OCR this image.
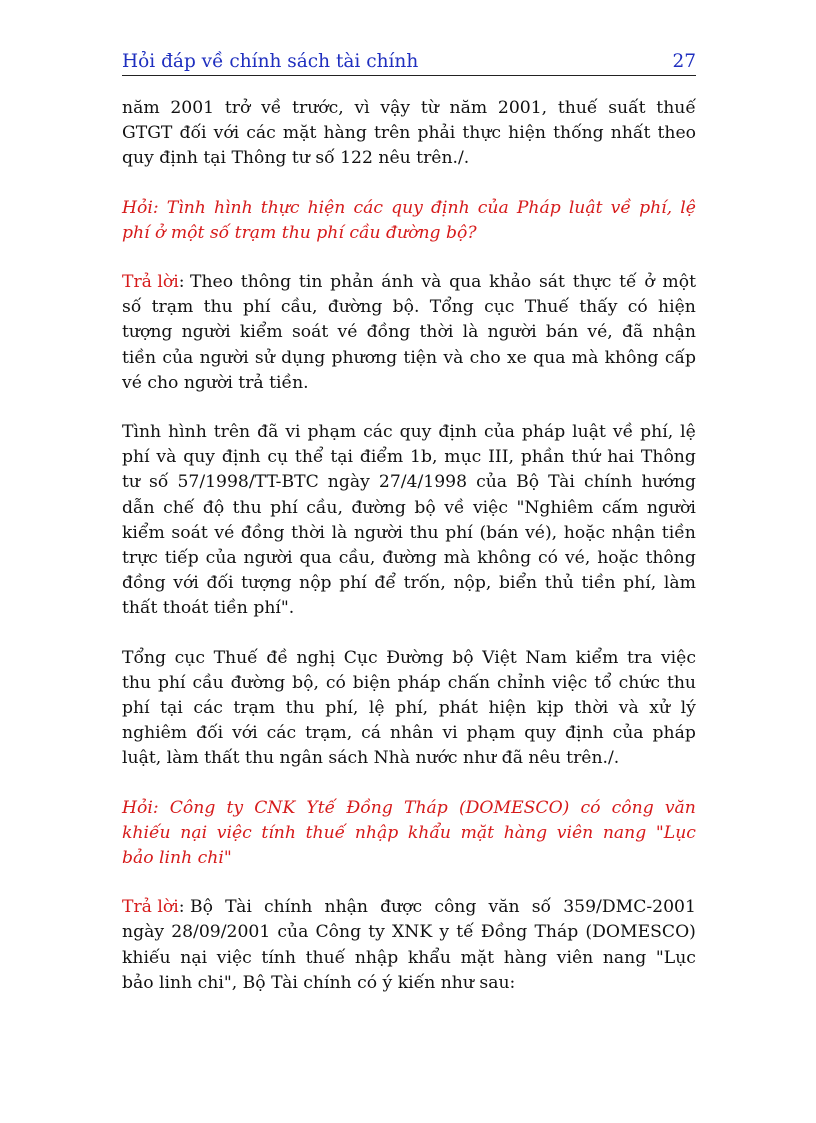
Hỏi đáp về chính sách tài chính	27
năm 2001 trở về trước, vì vậy từ năm 2001, thuế suất thuế
GTGT đối với các mặt hàng trên phải thực hiện thống nhất theo
quy định tại Thông tư số 122 nêu trên./.
Hỏi: Tình hình thực hiện các quy định của Pháp luật về phí, lệ
phí ở một số trạm thu phí cầu đường bộ?
Trả lời: Theo thông tin phản ánh và qua khảo sát thực tế ở một
số trạm thu phí cầu, đường bộ. Tổng cục Thuế thấy có hiện
tượng người kiểm soát vé đồng thời là người bán vé, đã nhận
tiền của người sử dụng phương tiện và cho xe qua mà không cấp
vé cho người trả tiền.
Tình hình trên đã vi phạm các quy định của pháp luật về phí, lệ
phí và quy định cụ thể tại điểm 1b, mục III, phần thứ hai Thông
tư số 57/1998/TT-BTC ngày 27/4/1998 của Bộ Tài chính hướng
dẫn chế độ thu phí cầu, đường bộ về việc "Nghiêm cấm người
kiểm soát vé đồng thời là người thu phí (bán vé), hoặc nhận tiền
trực tiếp của người qua cầu, đường mà không có vé, hoặc thông
đồng với đối tượng nộp phí để trốn, nộp, biển thủ tiền phí, làm
thất thoát tiền phí".
Tổng cục Thuế đề nghị Cục Đường bộ Việt Nam kiểm tra việc
thu phí cầu đường bộ, có biện pháp chấn chỉnh việc tổ chức thu
phí tại các trạm thu phí, lệ phí, phát hiện kịp thời và xử lý
nghiêm đối với các trạm, cá nhân vi phạm quy định của pháp
luật, làm thất thu ngân sách Nhà nước như đã nêu trên./.
Hỏi: Công ty CNK Ytế Đồng Tháp (DOMESCO) có công văn
khiếu nại việc tính thuế nhập khẩu mặt hàng viên nang "Lục
bảo linh chi"
Trả lời: Bộ Tài chính nhận được công văn số 359/DMC-2001
ngày 28/09/2001 của Công ty XNK y tế Đồng Tháp (DOMESCO)
khiếu nại việc tính thuế nhập khẩu mặt hàng viên nang "Lục
bảo linh chi", Bộ Tài chính có ý kiến như sau:
